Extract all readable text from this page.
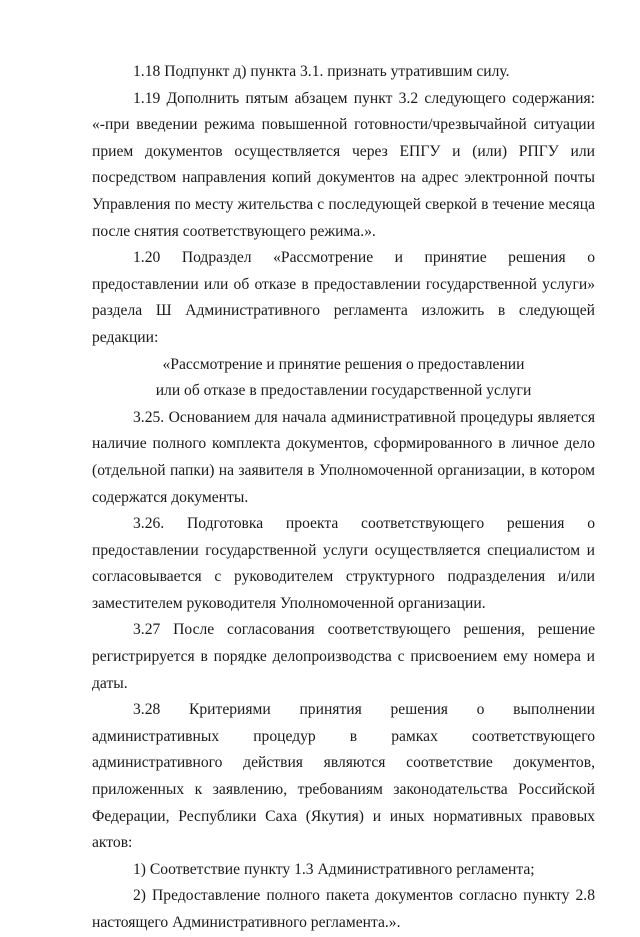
1.18 Подпункт д) пункта 3.1. признать утратившим силу.

1.19 Дополнить пятым абзацем пункт 3.2 следующего содержания: «-при введении режима повышенной готовности/чрезвычайной ситуации прием документов осуществляется через ЕПГУ и (или) РПГУ или посредством направления копий документов на адрес электронной почты Управления по месту жительства с последующей сверкой в течение месяца после снятия соответствующего режима.».

1.20 Подраздел «Рассмотрение и принятие решения о предоставлении или об отказе в предоставлении государственной услуги» раздела Ш Административного регламента изложить в следующей редакции:

«Рассмотрение и принятие решения о предоставлении

или об отказе в предоставлении государственной услуги

3.25. Основанием для начала административной процедуры является наличие полного комплекта документов, сформированного в личное дело (отдельной папки) на заявителя в Уполномоченной организации, в котором содержатся документы.

3.26. Подготовка проекта соответствующего решения о предоставлении государственной услуги осуществляется специалистом и согласовывается с руководителем структурного подразделения и/или заместителем руководителя Уполномоченной организации.

3.27 После согласования соответствующего решения, решение регистрируется в порядке делопроизводства с присвоением ему номера и даты.

3.28 Критериями принятия решения о выполнении административных процедур в рамках соответствующего административного действия являются соответствие документов, приложенных к заявлению, требованиям законодательства Российской Федерации, Республики Саха (Якутия) и иных нормативных правовых актов:

1) Соответствие пункту 1.3 Административного регламента;

2) Предоставление полного пакета документов согласно пункту 2.8 настоящего Административного регламента.».
